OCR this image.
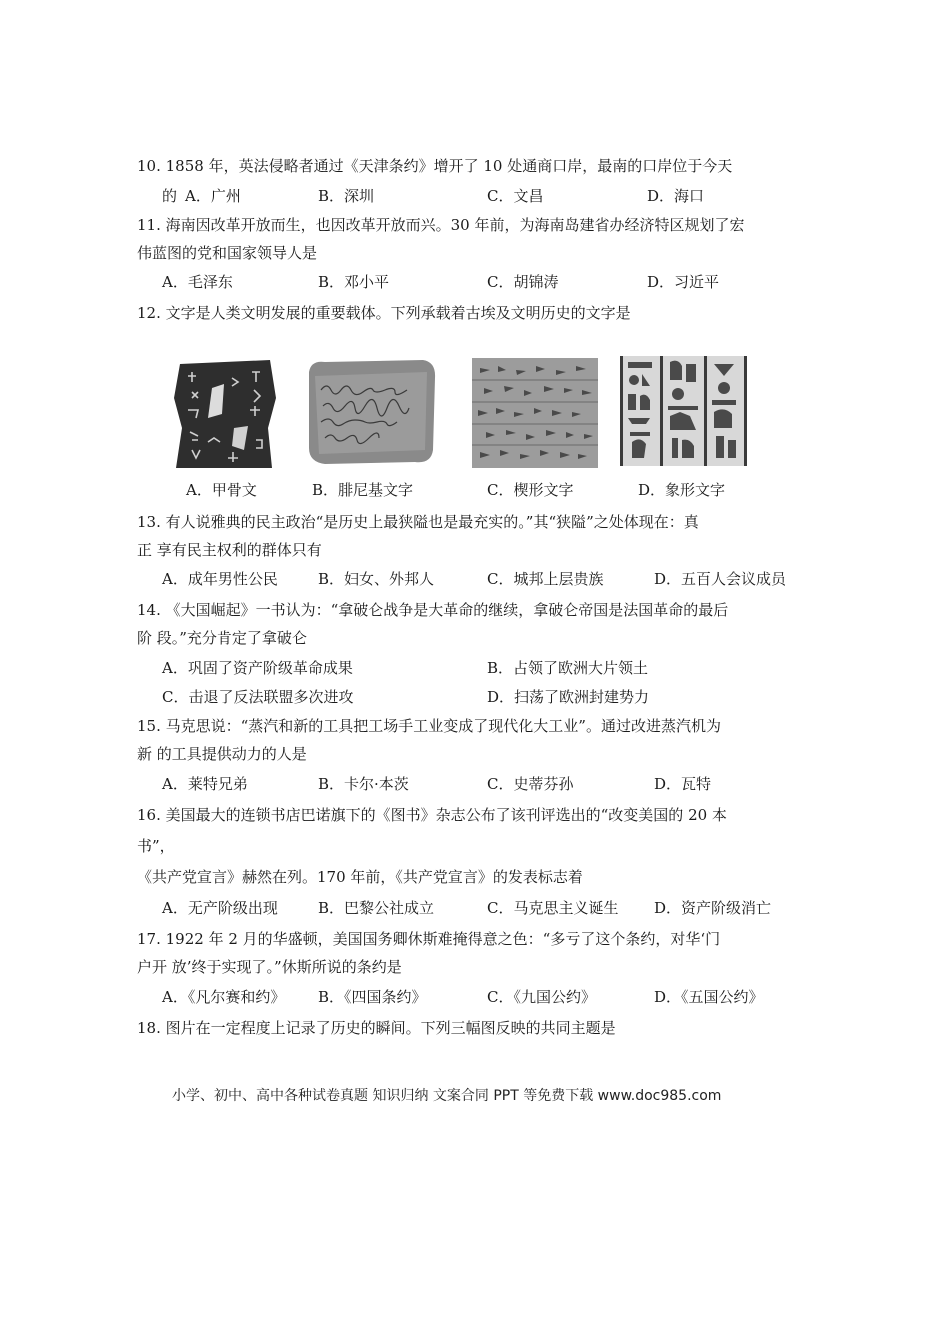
10. 1858 年，英法侵略者通过《天津条约》增开了 10 处通商口岸，最南的口岸位于今天
的 A．广州	B．深圳	C．文昌	D．海口
11. 海南因改革开放而生，也因改革开放而兴。30 年前，为海南岛建省办经济特区规划了宏
伟蓝图的党和国家领导人是
A．毛泽东	B．邓小平	C．胡锦涛	D．习近平
12. 文字是人类文明发展的重要载体。下列承载着古埃及文明历史的文字是
A．甲骨文	B．腓尼基文字	C．楔形文字	D．象形文字
13. 有人说雅典的民主政治“是历史上最狭隘也是最充实的。”其“狭隘”之处体现在：真
正 享有民主权利的群体只有
A．成年男性公民	B．妇女、外邦人	C．城邦上层贵族	D．五百人会议成员
14. 《大国崛起》一书认为：“拿破仑战争是大革命的继续，拿破仑帝国是法国革命的最后
阶 段。”充分肯定了拿破仑
A．巩固了资产阶级革命成果	B．占领了欧洲大片领土
C．击退了反法联盟多次进攻	D．扫荡了欧洲封建势力
15. 马克思说：“蒸汽和新的工具把工场手工业变成了现代化大工业”。通过改进蒸汽机为
新 的工具提供动力的人是
A．莱特兄弟	B．卡尔·本茨	C．史蒂芬孙	D．瓦特
16. 美国最大的连锁书店巴诺旗下的《图书》杂志公布了该刊评选出的“改变美国的 20 本
书”，
《共产党宣言》赫然在列。170 年前，《共产党宣言》的发表标志着
A．无产阶级出现	B．巴黎公社成立	C．马克思主义诞生 D．资产阶级消亡
17. 1922 年 2 月的华盛顿，美国国务卿休斯难掩得意之色：“多亏了这个条约，对华‘门
户开 放’终于实现了。”休斯所说的条约是
A．《凡尔赛和约》 B．《四国条约》	C．《九国公约》	D．《五国公约》
18. 图片在一定程度上记录了历史的瞬间。下列三幅图反映的共同主题是
小学、初中、高中各种试卷真题 知识归纳 文案合同 PPT 等免费下载 www.doc985.com
